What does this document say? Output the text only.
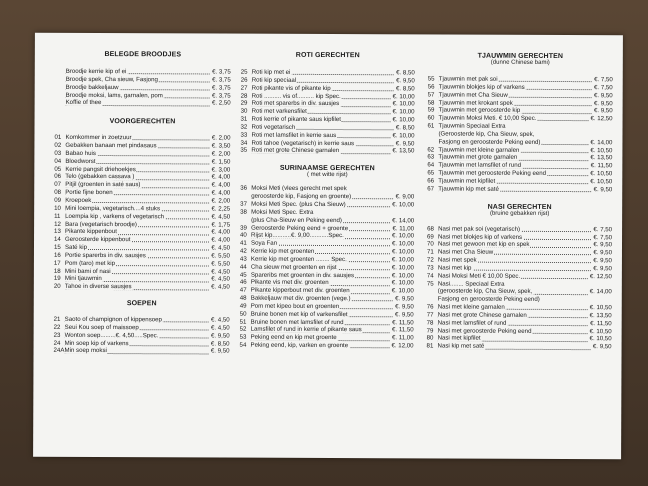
BELEGDE BROODJES
Broodje kerrie kip of ei	€. 3,75
Broodje spek, Cha sieuw, Fasjong	€. 3,75
Broodje bakkeljauw	€. 3,75
Broodje moksi, lams, garnalen, pom	€. 3,75
Koffie of thee	€. 2,50
VOORGERECHTEN
01 Komkommer in zoetzuur	€. 2,00
02 Gebakken banaan met pindasaus	€. 3,50
03 Babao huis	€. 2,00
04 Bloedworst	€. 1,50
05 Kerrie pangsit driehoekjes	€. 3,00
06 Telo (gebakken cassava )	€. 4,00
07 Pitjil (groenten in saté saus)	€. 4,00
08 Portie fijne bonen	€. 4,00
09 Kroepoek	€. 2,00
10 Mini loempia, vegetarisch....4 stuks	€. 2,25
11 Loempia kip , varkens of vegetarisch	€. 4,50
12 Bara (vegetarisch broodje)	€. 1,75
13 Pikante kippenbout	€. 4,00
14 Geroosterde kippenbout	€. 4,00
15 Saté kip	€. 4,50
16 Portie sparerbs in div. sausjes	€. 5,50
17 Pom (taro) met kip	€. 5,50
18 Mini bami of nasi	€. 4,50
19 Mini tjauwmin	€. 4,50
20 Tahoe in diverse sausjes	€. 4,50
SOEPEN
21 Saoto of champignon of kippensoep	€. 4,50
22 Seui Kou soep of maissoep	€. 4,50
23 Wonton soep.........€. 4,50.....Spec.	€. 9,50
24 Min soep kip of varkens	€. 8,50
24A Min soep moksi	€. 9,50
ROTI GERECHTEN
25 Roti kip met ei	€. 8,50
26 Roti kip speciaal	€. 9,50
27 Roti pikante vis of pikante kip	€. 8,50
28 Roti .......... vis of.......... kip Spec.	€. 10,00
29 Roti met sparerbs in div. sausjes	€. 10,00
30 Roti met varkensfilet	€. 10,00
31 Roti kerrie of pikante saus kipfilet	€. 10,00
32 Roti vegetarisch	€. 8,50
33 Roti met lamsfilet in kerrie saus	€. 10,00
34 Roti tahoe (vegetarisch) in kerrie saus	€. 9,50
35 Roti met grote Chinese garnalen	€. 13,50
SURINAAMSE GERECHTEN
( met witte rijst)
36 Moksi Meti (vlees gerecht met spek
geroosterde kip, Fasjong en groente)	€. 9,00
37 Moksi Meti Spec. (plus Cha Sieuw)	€. 10,00
38 Moksi Meti Spec. Extra
(plus Cha-Sieuw en Peking eend)	€. 14,00
39 Geroosterde Peking eend + groente	€. 11,00
40 Rijst kip...........€. 9,00...........Spec.	€. 10,00
41 Soya Fan	€. 10,00
42 Kerrie kip met groenten	€. 10,00
43 Kerrie kip met groenten ........ Spec.	€. 10,00
44 Cha sieuw met groenten en rijst	€. 10,00
45 Spareribs met groenten in div. sausjes	€. 10,00
46 Pikante vis met div. groenten	€. 10,00
47 Pikante kipperbout met div. groenten	€. 10,00
48 Bakkeljauw met div. groenten (vege.)	€. 9,50
49 Pom met kipeo bout en groenten	€. 9,50
50 Bruine bonen met kip of varkensfilet	€. 9,50
51 Bruine bonen met lamsfilet of rund	€. 11,50
52 Lamsfilet of rund in kerrie of pikante saus	€. 11,50
53 Peking eend en kip met groente	€. 11,00
54 Peking eend, kip, varken en groente	€. 12,00
TJAUWMIN GERECHTEN
(dunne Chinese bami)
55 Tjauwmin met pak soi	€. 7,50
56 Tjauwmin blokjes kip of varkens	€. 7,50
57 Tjauwmin met Cha Sieuw	€. 9,50
58 Tjauwmin met krokant spek	€. 9,50
59 Tjauwmin met geroosterde kip	€. 9,50
60 Tjauwmin Moksi Meti. € 10,00 Spec.	€. 12,50
61 Tjauwmin Speciaal Extra
(Geroosterde kip, Cha Sieuw, spek,
Fasjong en geroosterde Peking eend)	€. 14,00
62 Tjauwmin met kleine garnalen	€. 10,50
63 Tjauwmin met grote garnalen	€. 13,50
64 Tjauwmin met lamsfilet of rund	€. 11,50
65 Tjauwmin met geroosterde Peking eend	€. 10,50
66 Tjauwmin met kipfilet	€. 10,50
67 Tjauwmin kip met saté	€. 9,50
NASI GERECHTEN
(bruine gebakken rijst)
68 Nasi met pak soi (vegetarisch)	€. 7,50
69 Nasi met blokjes kip of varkens	€. 7,50
70 Nasi met gewoon met kip en spek	€. 9,50
71 Nasi met Cha Sieuw	€. 9,50
72 Nasi met spek	€. 9,50
73 Nasi met kip	€. 9,50
74 Nasi Moksi Meti € 10,00 Spec.	€. 12,50
75 Nasi........ Speciaal Extra
(geroosterde kip, Cha Sieuw, spek,	€. 14,00
Fasjong en geroosterde Peking eend)
76 Nasi met kleine garnalen	€. 10,50
77 Nasi met grote Chinese garnalen	€. 13,50
78 Nasi met lamsfilet of rund	€. 11,50
79 Nasi met geroosterde Peking eend	€. 10,50
80 Nasi met kipfilet	€. 10,50
81 Nasi kip met saté	€. 9,50
